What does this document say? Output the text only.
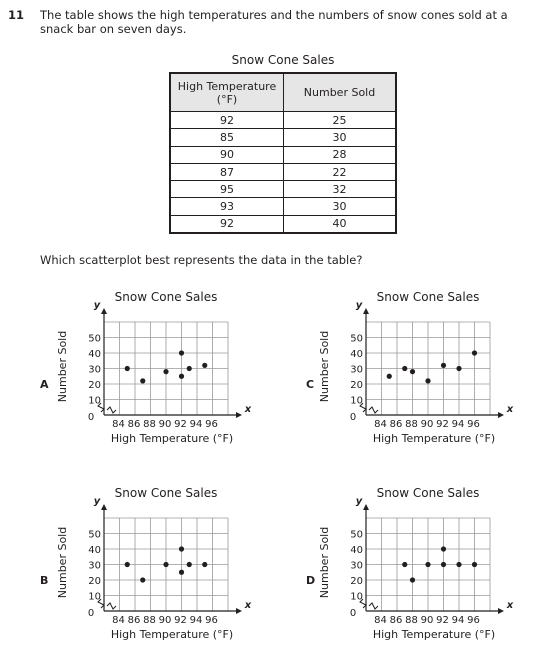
11 The table shows the high temperatures and the numbers of snow cones sold at a snack bar on seven days.
Snow Cone Sales
High Temperature (°F)	Number Sold
92	25
85	30
90	28
87	22
95	32
93	30
92	40
Which scatterplot best represents the data in the table?
Snow Cone Sales
y
x
0
84 86 88 90 92 94 96
10
20
30
40
50
High Temperature (°F)
Number Sold
A
Snow Cone Sales
y
x
0
84 86 88 90 92 94 96
10
20
30
40
50
High Temperature (°F)
Number Sold
C
Snow Cone Sales
y
x
0
84 86 88 90 92 94 96
10
20
30
40
50
High Temperature (°F)
Number Sold
B
Snow Cone Sales
y
x
0
84 86 88 90 92 94 96
10
20
30
40
50
High Temperature (°F)
Number Sold
D
